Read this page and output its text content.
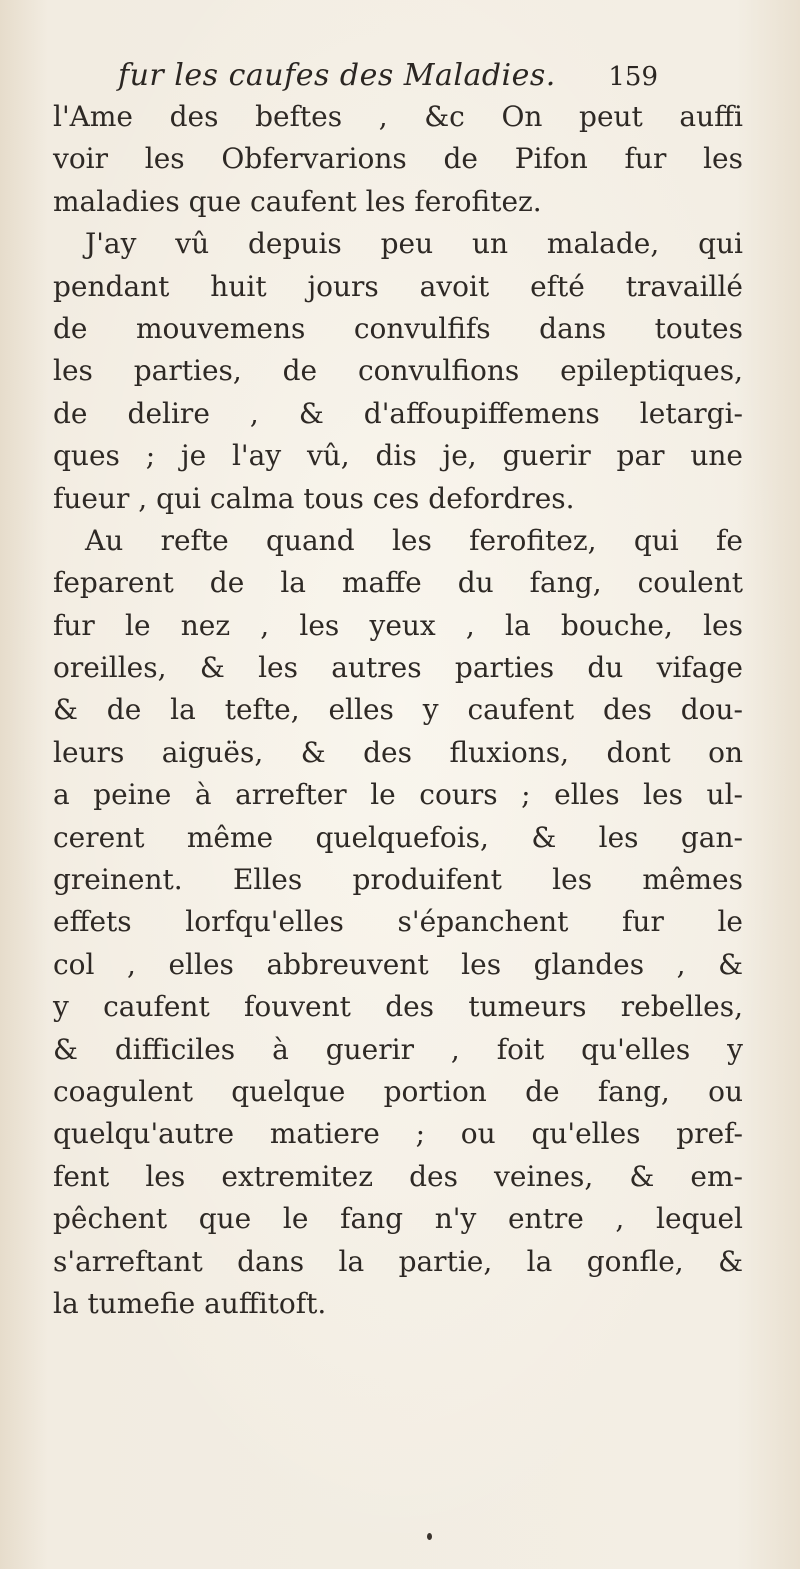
fur les caufes des Maladies. 159
l'Ame des beftes , &c On peut auffi
voir les Obfervarions de Pifon fur les
maladies que caufent les ferofitez.
J'ay vû depuis peu un malade, qui
pendant huit jours avoit efté travaillé
de mouvemens convulfifs dans toutes
les parties, de convulfions epileptiques,
de delire , & d'affoupiffemens letargi-
ques ; je l'ay vû, dis je, guerir par une
fueur , qui calma tous ces defordres.
Au refte quand les ferofitez, qui fe
feparent de la maffe du fang, coulent
fur le nez , les yeux , la bouche, les
oreilles, & les autres parties du vifage
& de la tefte, elles y caufent des dou-
leurs aiguës, & des fluxions, dont on
a peine à arrefter le cours ; elles les ul-
cerent même quelquefois, & les gan-
greinent. Elles produifent les mêmes
effets lorfqu'elles s'épanchent fur le
col , elles abbreuvent les glandes , &
y caufent fouvent des tumeurs rebelles,
& difficiles à guerir , foit qu'elles y
coagulent quelque portion de fang, ou
quelqu'autre matiere ; ou qu'elles pref-
fent les extremitez des veines, & em-
pêchent que le fang n'y entre , lequel
s'arreftant dans la partie, la gonfle, &
la tumefie auffitoft.
